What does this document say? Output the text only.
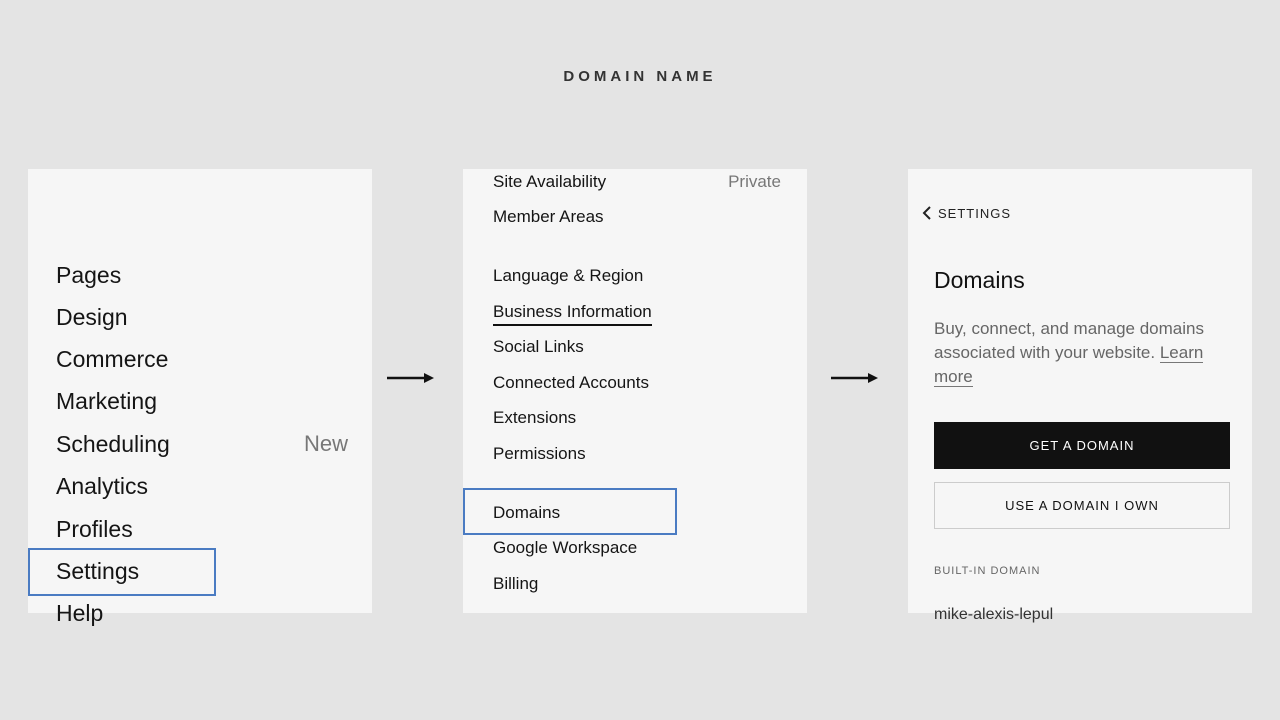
DOMAIN NAME
Pages
Design
Commerce
Marketing
Scheduling	New
Analytics
Profiles
Settings
Help
Site Availability	Private
Member Areas
Language & Region
Business Information
Social Links
Connected Accounts
Extensions
Permissions
Domains
Google Workspace
Billing
SETTINGS
Domains
Buy, connect, and manage domains associated with your website. Learn more
GET A DOMAIN
USE A DOMAIN I OWN
BUILT-IN DOMAIN
mike-alexis-lepul
